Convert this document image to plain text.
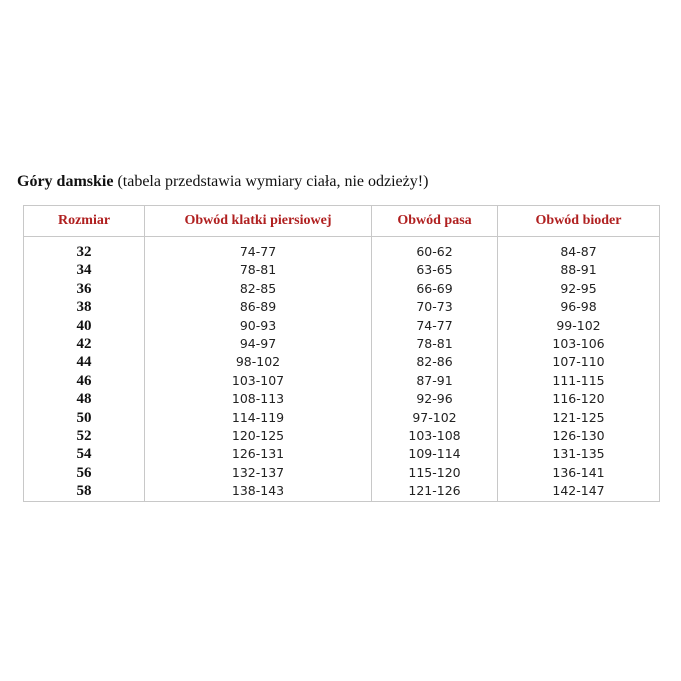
Góry damskie (tabela przedstawia wymiary ciała, nie odzieży!)
Rozmiar	Obwód klatki piersiowej	Obwód pasa	Obwód bioder

32	74-77	60-62	84-87
34	78-81	63-65	88-91
36	82-85	66-69	92-95
38	86-89	70-73	96-98
40	90-93	74-77	99-102
42	94-97	78-81	103-106
44	98-102	82-86	107-110
46	103-107	87-91	111-115
48	108-113	92-96	116-120
50	114-119	97-102	121-125
52	120-125	103-108	126-130
54	126-131	109-114	131-135
56	132-137	115-120	136-141
58	138-143	121-126	142-147
